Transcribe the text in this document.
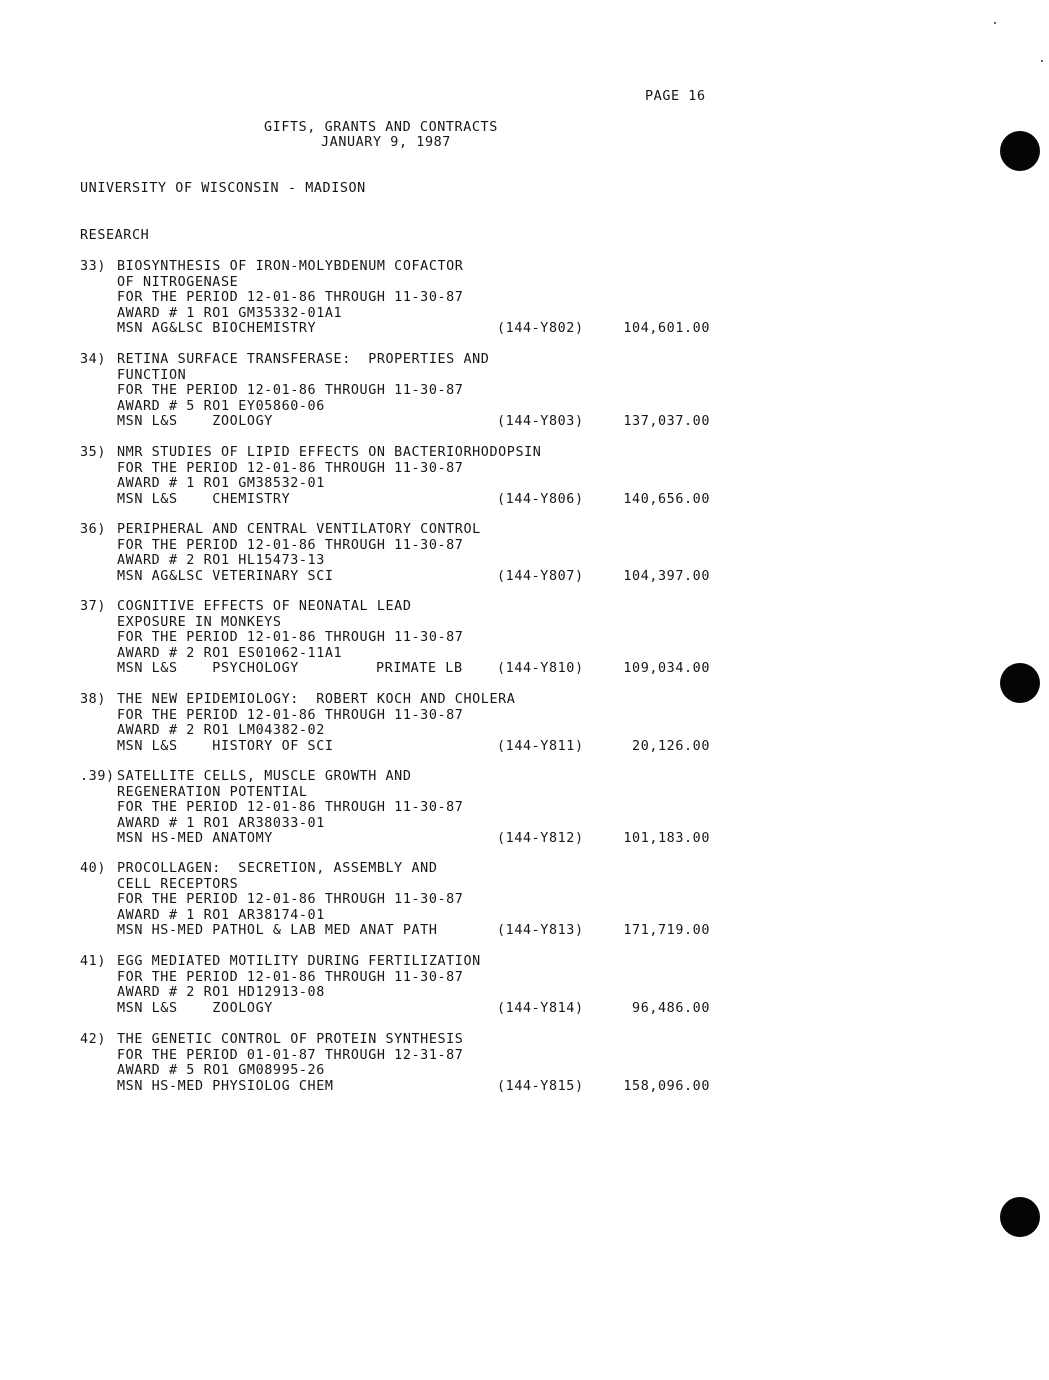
PAGE 16
GIFTS, GRANTS AND CONTRACTS
JANUARY 9, 1987
UNIVERSITY OF WISCONSIN - MADISON
RESEARCH
33) BIOSYNTHESIS OF IRON-MOLYBDENUM COFACTOR
OF NITROGENASE
FOR THE PERIOD 12-01-86 THROUGH 11-30-87
AWARD # 1 RO1 GM35332-01A1
MSN AG&LSC BIOCHEMISTRY	(144-Y802)	104,601.00
34) RETINA SURFACE TRANSFERASE:  PROPERTIES AND
FUNCTION
FOR THE PERIOD 12-01-86 THROUGH 11-30-87
AWARD # 5 RO1 EY05860-06
MSN L&S    ZOOLOGY	(144-Y803)	137,037.00
35) NMR STUDIES OF LIPID EFFECTS ON BACTERIORHODOPSIN
FOR THE PERIOD 12-01-86 THROUGH 11-30-87
AWARD # 1 RO1 GM38532-01
MSN L&S    CHEMISTRY	(144-Y806)	140,656.00
36) PERIPHERAL AND CENTRAL VENTILATORY CONTROL
FOR THE PERIOD 12-01-86 THROUGH 11-30-87
AWARD # 2 RO1 HL15473-13
MSN AG&LSC VETERINARY SCI	(144-Y807)	104,397.00
37) COGNITIVE EFFECTS OF NEONATAL LEAD
EXPOSURE IN MONKEYS
FOR THE PERIOD 12-01-86 THROUGH 11-30-87
AWARD # 2 RO1 ES01062-11A1
MSN L&S    PSYCHOLOGY	PRIMATE LB	(144-Y810)	109,034.00
38) THE NEW EPIDEMIOLOGY:  ROBERT KOCH AND CHOLERA
FOR THE PERIOD 12-01-86 THROUGH 11-30-87
AWARD # 2 RO1 LM04382-02
MSN L&S    HISTORY OF SCI	(144-Y811)	20,126.00
.39) SATELLITE CELLS, MUSCLE GROWTH AND
REGENERATION POTENTIAL
FOR THE PERIOD 12-01-86 THROUGH 11-30-87
AWARD # 1 RO1 AR38033-01
MSN HS-MED ANATOMY	(144-Y812)	101,183.00
40) PROCOLLAGEN:  SECRETION, ASSEMBLY AND
CELL RECEPTORS
FOR THE PERIOD 12-01-86 THROUGH 11-30-87
AWARD # 1 RO1 AR38174-01
MSN HS-MED PATHOL & LAB MED ANAT PATH	(144-Y813)	171,719.00
41) EGG MEDIATED MOTILITY DURING FERTILIZATION
FOR THE PERIOD 12-01-86 THROUGH 11-30-87
AWARD # 2 RO1 HD12913-08
MSN L&S    ZOOLOGY	(144-Y814)	96,486.00
42) THE GENETIC CONTROL OF PROTEIN SYNTHESIS
FOR THE PERIOD 01-01-87 THROUGH 12-31-87
AWARD # 5 RO1 GM08995-26
MSN HS-MED PHYSIOLOG CHEM	(144-Y815)	158,096.00
